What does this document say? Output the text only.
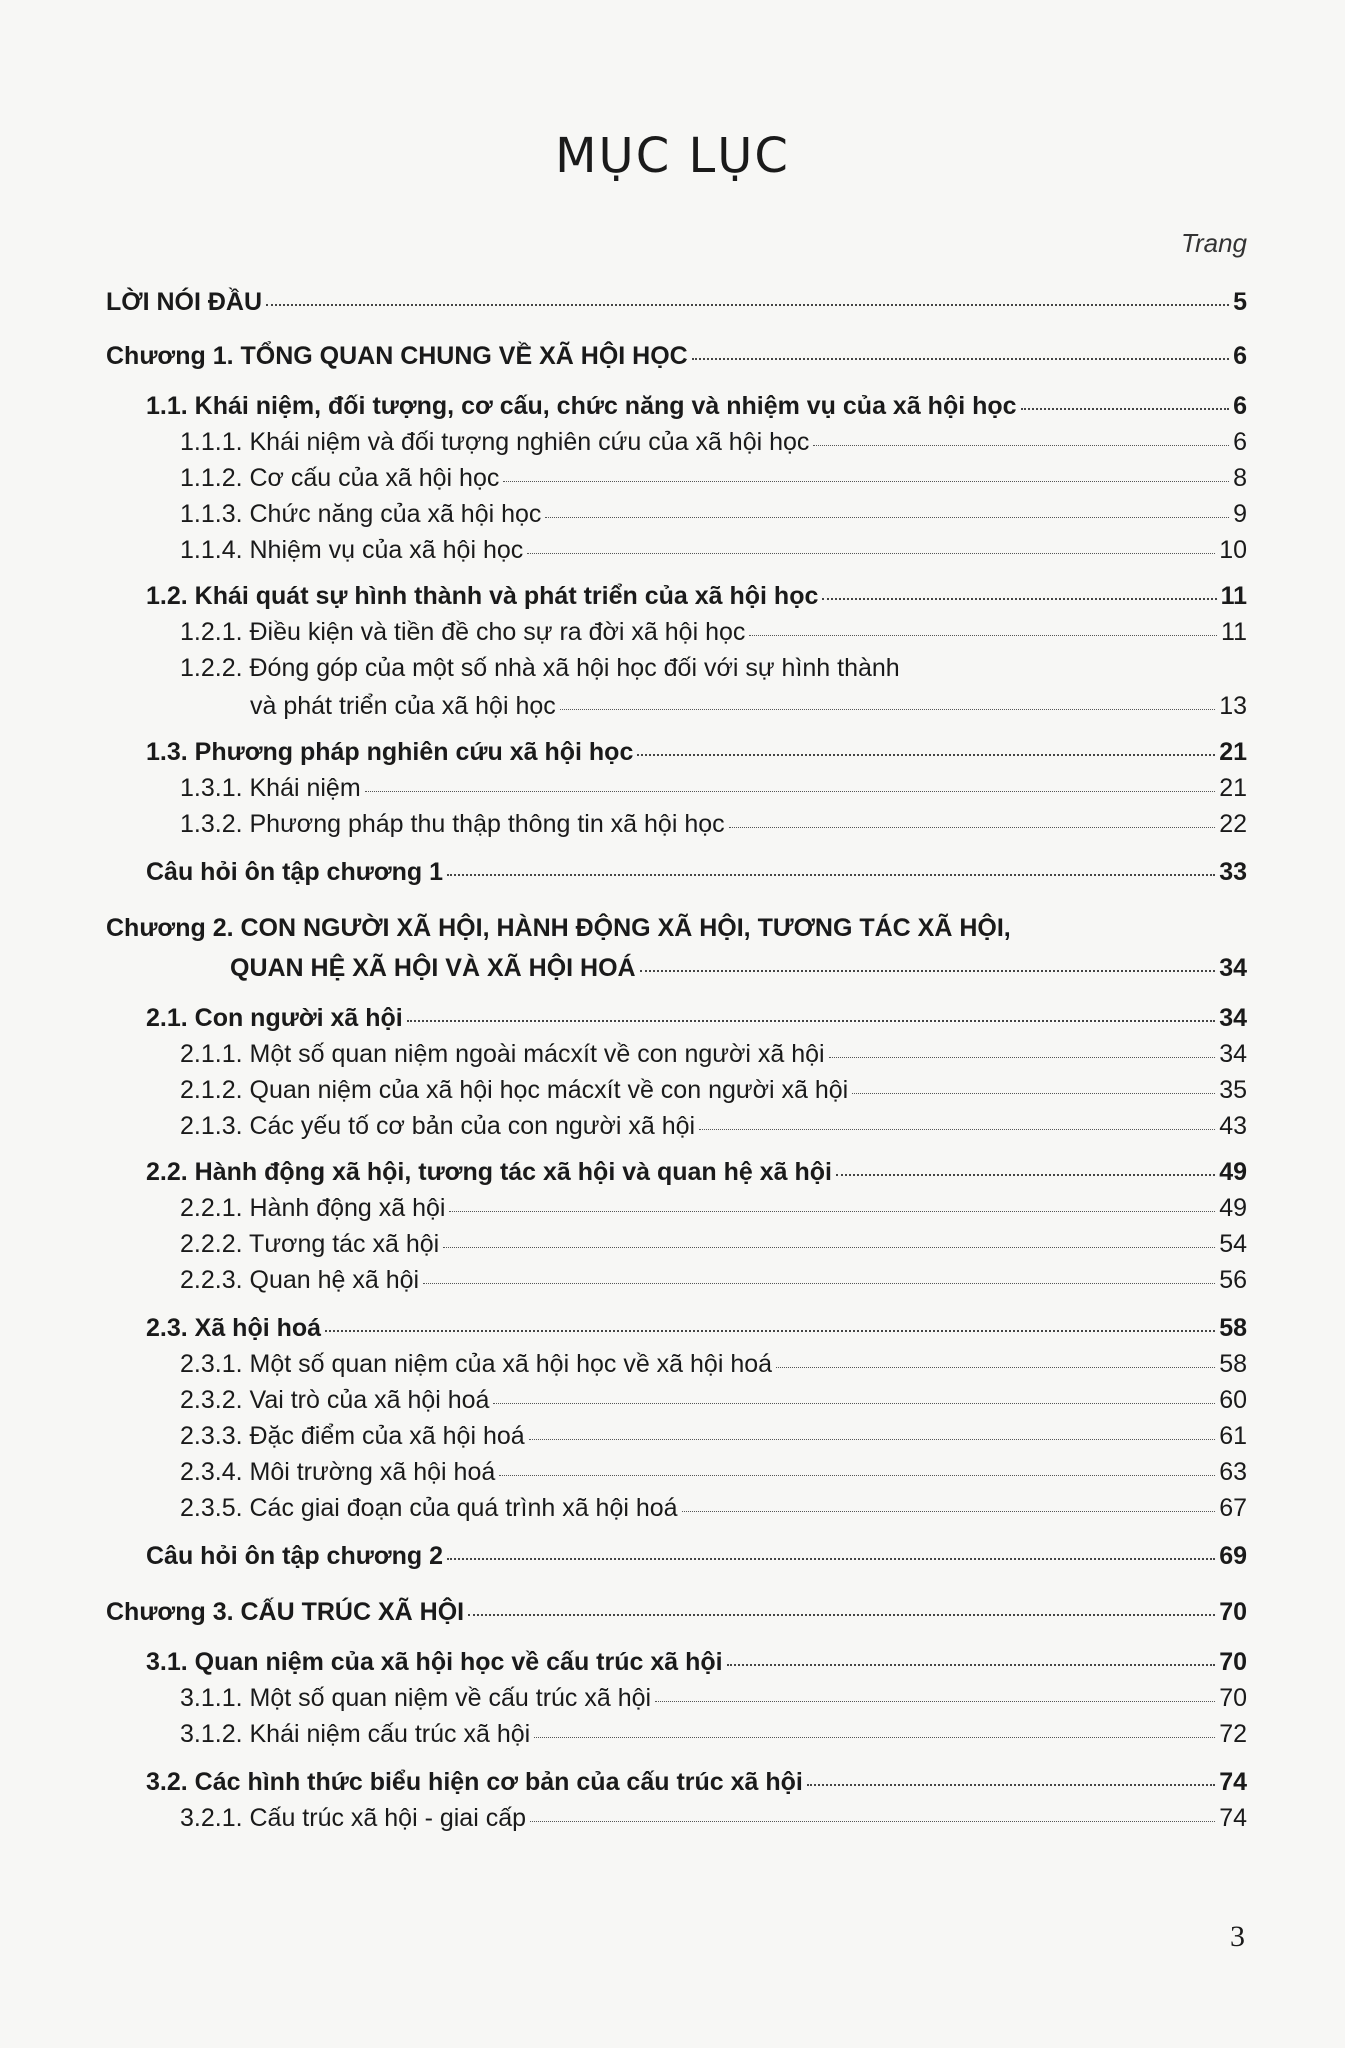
MỤC LỤC
Trang
LỜI NÓI ĐẦU	5
Chương 1. TỔNG QUAN CHUNG VỀ XÃ HỘI HỌC	6
1.1. Khái niệm, đối tượng, cơ cấu, chức năng và nhiệm vụ của xã hội học	6
1.1.1. Khái niệm và đối tượng nghiên cứu của xã hội học	6
1.1.2. Cơ cấu của xã hội học	8
1.1.3. Chức năng của xã hội học	9
1.1.4. Nhiệm vụ của xã hội học	10
1.2. Khái quát sự hình thành và phát triển của xã hội học	11
1.2.1. Điều kiện và tiền đề cho sự ra đời xã hội học	11
1.2.2. Đóng góp của một số nhà xã hội học đối với sự hình thành
và phát triển của xã hội học	13
1.3. Phương pháp nghiên cứu xã hội học	21
1.3.1. Khái niệm	21
1.3.2. Phương pháp thu thập thông tin xã hội học	22
Câu hỏi ôn tập chương 1	33
Chương 2. CON NGƯỜI XÃ HỘI, HÀNH ĐỘNG XÃ HỘI, TƯƠNG TÁC XÃ HỘI,
QUAN HỆ XÃ HỘI VÀ XÃ HỘI HOÁ	34
2.1. Con người xã hội	34
2.1.1. Một số quan niệm ngoài mácxít về con người xã hội	34
2.1.2. Quan niệm của xã hội học mácxít về con người xã hội	35
2.1.3. Các yếu tố cơ bản của con người xã hội	43
2.2. Hành động xã hội, tương tác xã hội và quan hệ xã hội	49
2.2.1. Hành động xã hội	49
2.2.2. Tương tác xã hội	54
2.2.3. Quan hệ xã hội	56
2.3. Xã hội hoá	58
2.3.1. Một số quan niệm của xã hội học về xã hội hoá	58
2.3.2. Vai trò của xã hội hoá	60
2.3.3. Đặc điểm của xã hội hoá	61
2.3.4. Môi trường xã hội hoá	63
2.3.5. Các giai đoạn của quá trình xã hội hoá	67
Câu hỏi ôn tập chương 2	69
Chương 3. CẤU TRÚC XÃ HỘI	70
3.1. Quan niệm của xã hội học về cấu trúc xã hội	70
3.1.1. Một số quan niệm về cấu trúc xã hội	70
3.1.2. Khái niệm cấu trúc xã hội	72
3.2. Các hình thức biểu hiện cơ bản của cấu trúc xã hội	74
3.2.1. Cấu trúc xã hội - giai cấp	74
3
